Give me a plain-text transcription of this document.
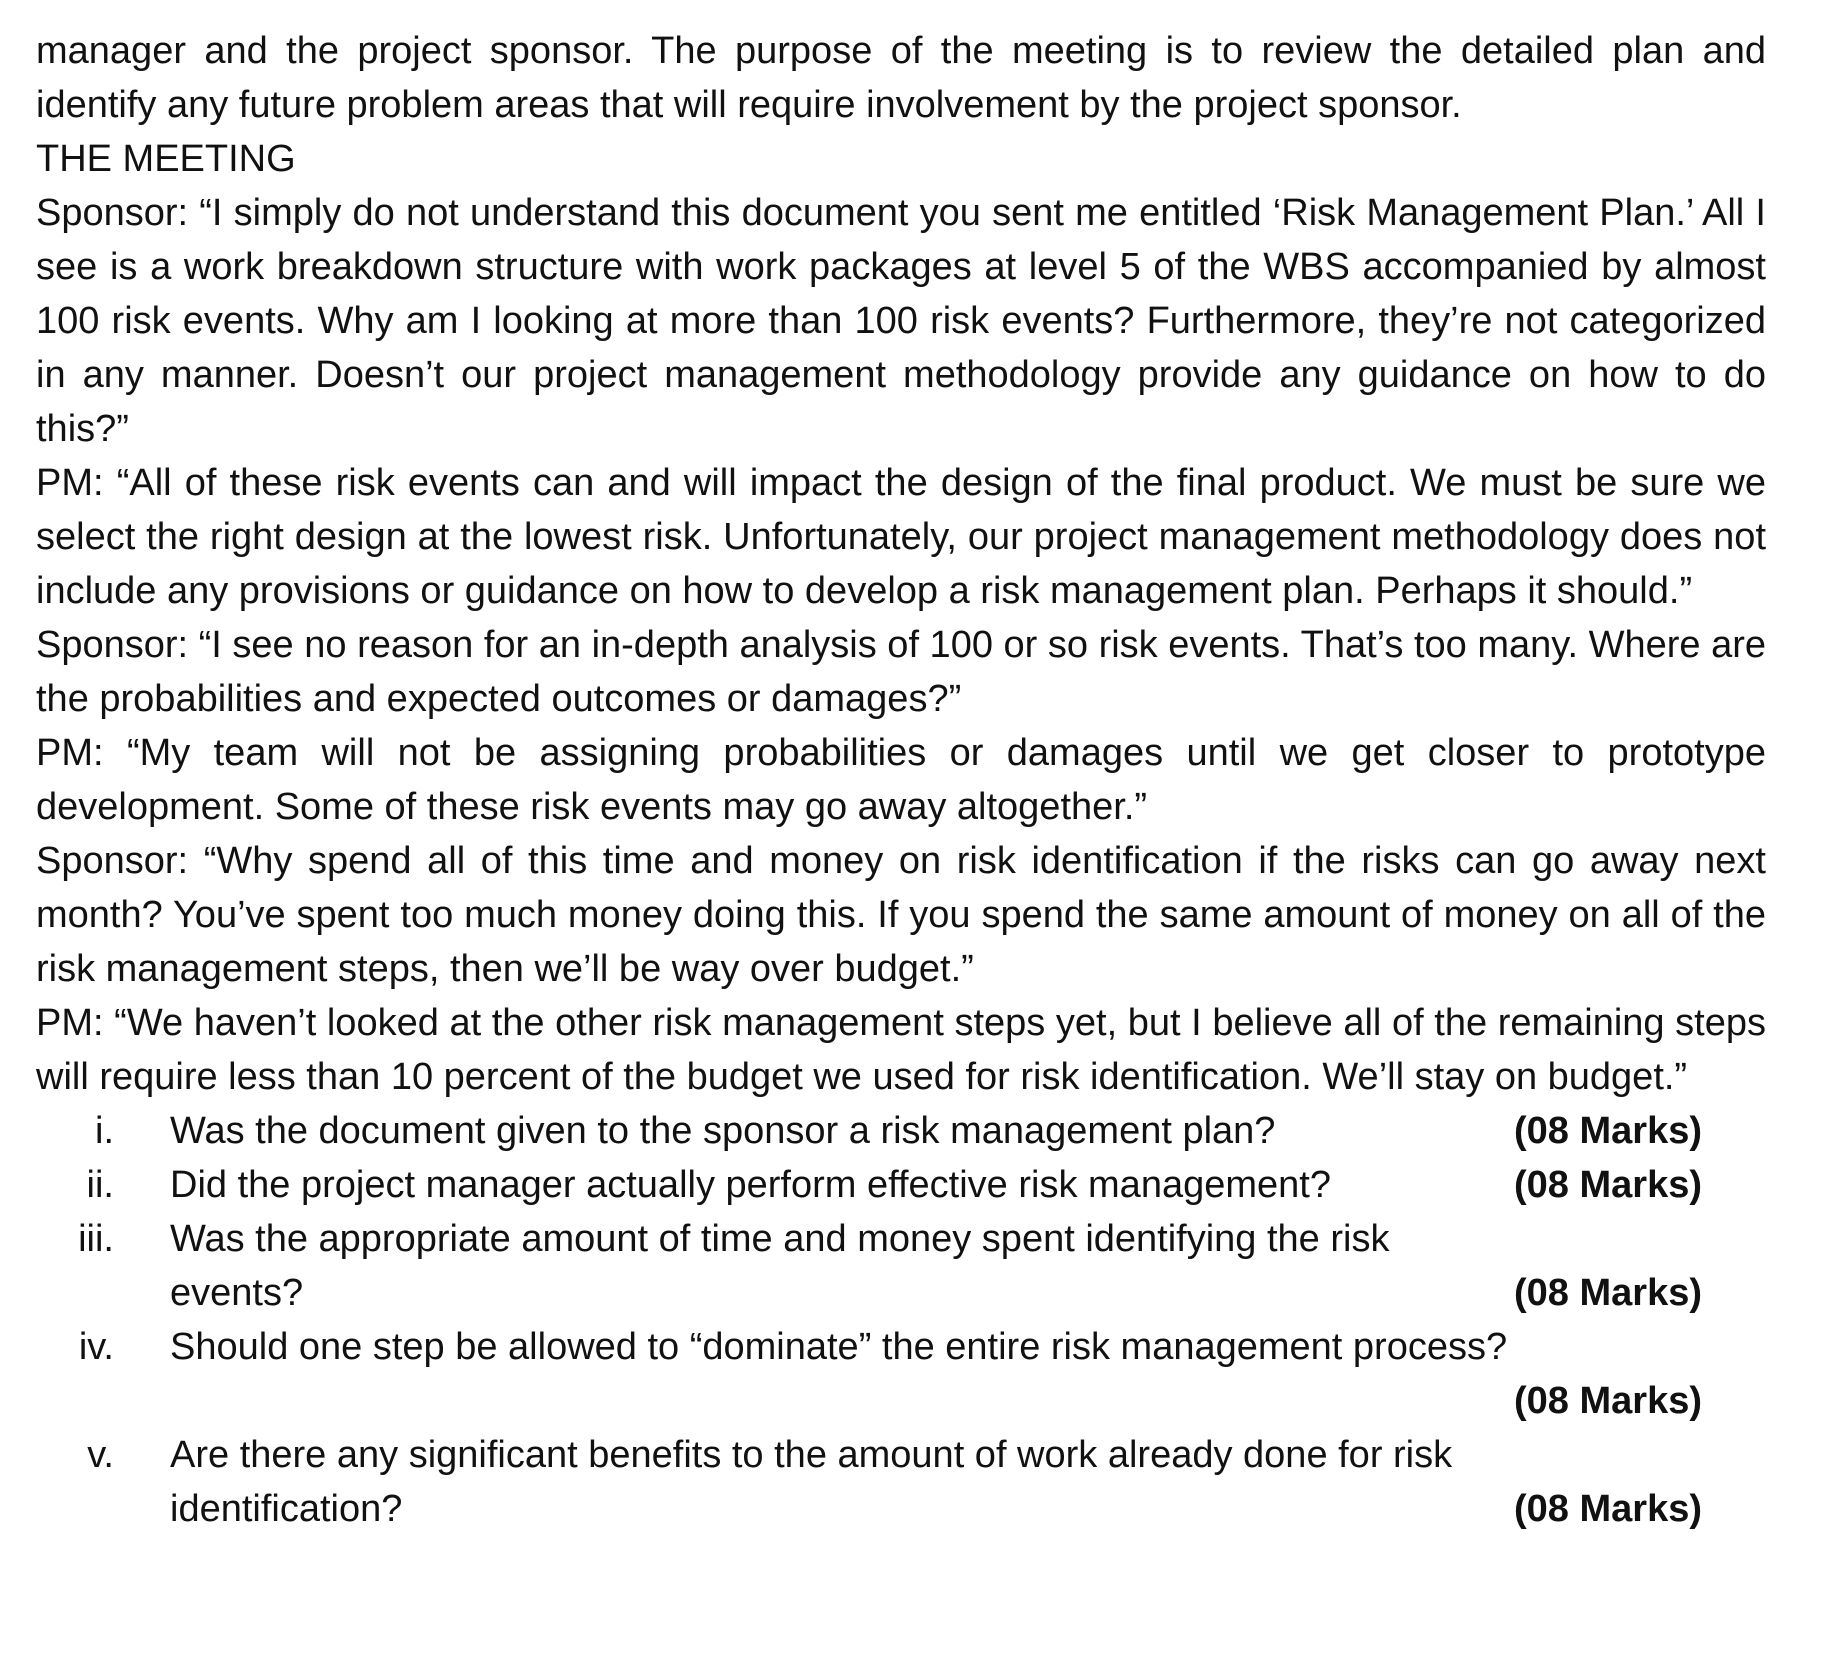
manager and the project sponsor. The purpose of the meeting is to review the detailed plan and identify any future problem areas that will require involvement by the project sponsor.

THE MEETING

Sponsor: “I simply do not understand this document you sent me entitled ‘Risk Management Plan.’ All I see is a work breakdown structure with work packages at level 5 of the WBS accompanied by almost 100 risk events. Why am I looking at more than 100 risk events? Furthermore, they’re not categorized in any manner. Doesn’t our project management methodology provide any guidance on how to do this?”

PM: “All of these risk events can and will impact the design of the final product. We must be sure we select the right design at the lowest risk. Unfortunately, our project management methodology does not include any provisions or guidance on how to develop a risk management plan. Perhaps it should.”

Sponsor: “I see no reason for an in-depth analysis of 100 or so risk events. That’s too many. Where are the probabilities and expected outcomes or damages?”

PM: “My team will not be assigning probabilities or damages until we get closer to prototype development. Some of these risk events may go away altogether.”

Sponsor: “Why spend all of this time and money on risk identification if the risks can go away next month? You’ve spent too much money doing this. If you spend the same amount of money on all of the risk management steps, then we’ll be way over budget.”

PM: “We haven’t looked at the other risk management steps yet, but I believe all of the remaining steps will require less than 10 percent of the budget we used for risk identification. We’ll stay on budget.”

i. Was the document given to the sponsor a risk management plan?	(08 Marks)
ii. Did the project manager actually perform effective risk management?	(08 Marks)
iii. Was the appropriate amount of time and money spent identifying the risk events?	(08 Marks)
iv. Should one step be allowed to “dominate” the entire risk management process?
(08 Marks)
v. Are there any significant benefits to the amount of work already done for risk identification?	(08 Marks)
